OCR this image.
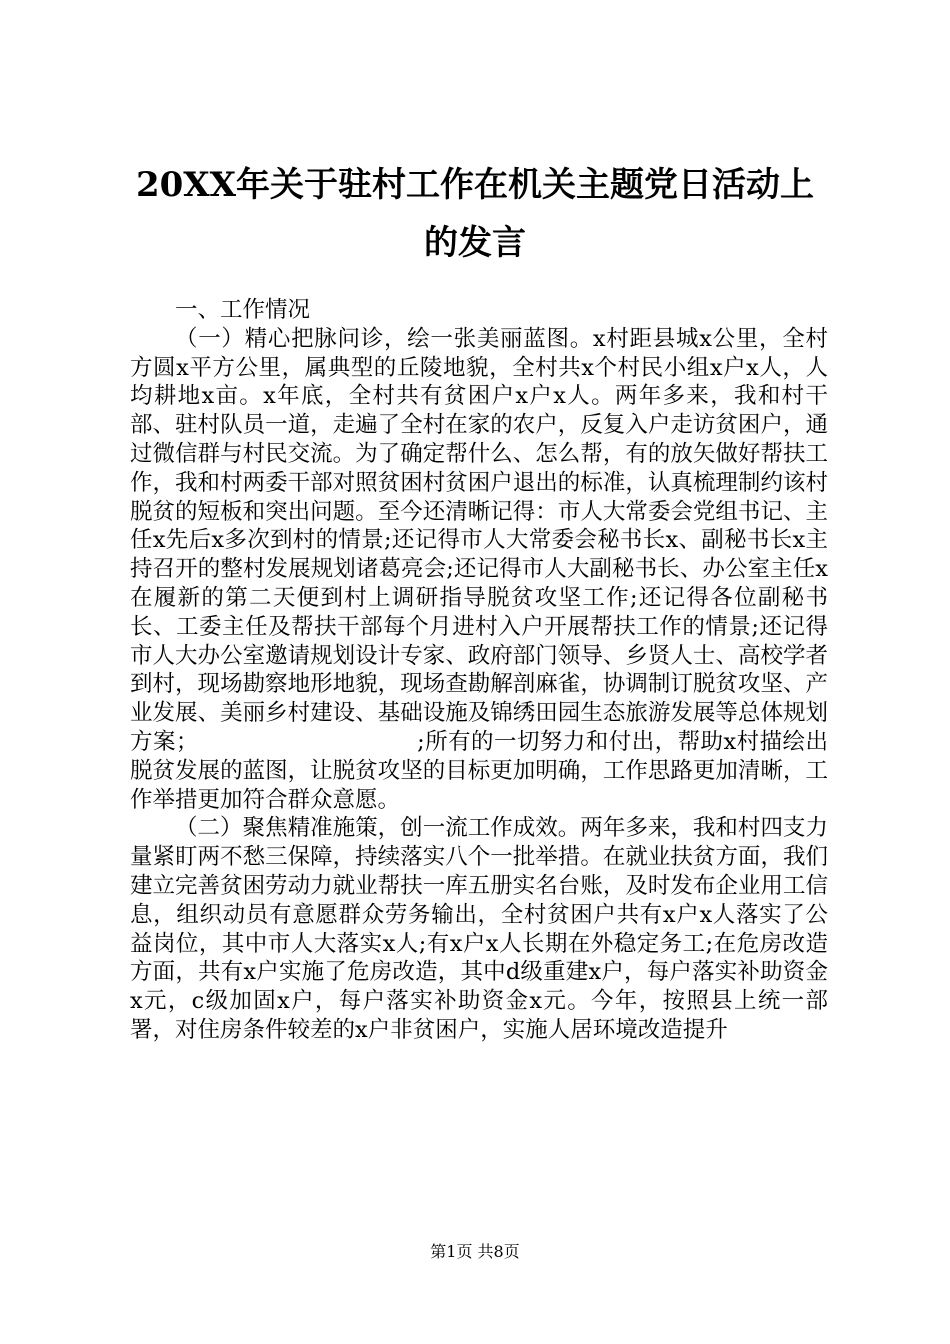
20XX年关于驻村工作在机关主题党日活动上的发言

一、工作情况

（一）精心把脉问诊，绘一张美丽蓝图。x村距县城x公里，全村方圆x平方公里，属典型的丘陵地貌，全村共x个村民小组x户x人，人均耕地x亩。x年底，全村共有贫困户x户x人。两年多来，我和村干部、驻村队员一道，走遍了全村在家的农户，反复入户走访贫困户，通过微信群与村民交流。为了确定帮什么、怎么帮，有的放矢做好帮扶工作，我和村两委干部对照贫困村贫困户退出的标准，认真梳理制约该村脱贫的短板和突出问题。至今还清晰记得：市人大常委会党组书记、主任x先后x多次到村的情景;还记得市人大常委会秘书长x、副秘书长x主持召开的整村发展规划诸葛亮会;还记得市人大副秘书长、办公室主任x在履新的第二天便到村上调研指导脱贫攻坚工作;还记得各位副秘书长、工委主任及帮扶干部每个月进村入户开展帮扶工作的情景;还记得市人大办公室邀请规划设计专家、政府部门领导、乡贤人士、高校学者到村，现场勘察地形地貌，现场查勘解剖麻雀，协调制订脱贫攻坚、产业发展、美丽乡村建设、基础设施及锦绣田园生态旅游发展等总体规划方案；　　　　　　　　　　;所有的一切努力和付出，帮助x村描绘出脱贫发展的蓝图，让脱贫攻坚的目标更加明确，工作思路更加清晰，工作举措更加符合群众意愿。

（二）聚焦精准施策，创一流工作成效。两年多来，我和村四支力量紧盯两不愁三保障，持续落实八个一批举措。在就业扶贫方面，我们建立完善贫困劳动力就业帮扶一库五册实名台账，及时发布企业用工信息，组织动员有意愿群众劳务输出，全村贫困户共有x户x人落实了公益岗位，其中市人大落实x人;有x户x人长期在外稳定务工;在危房改造方面，共有x户实施了危房改造，其中d级重建x户，每户落实补助资金x元，c级加固x户，每户落实补助资金x元。今年，按照县上统一部署，对住房条件较差的x户非贫困户，实施人居环境改造提升

第1页 共8页
